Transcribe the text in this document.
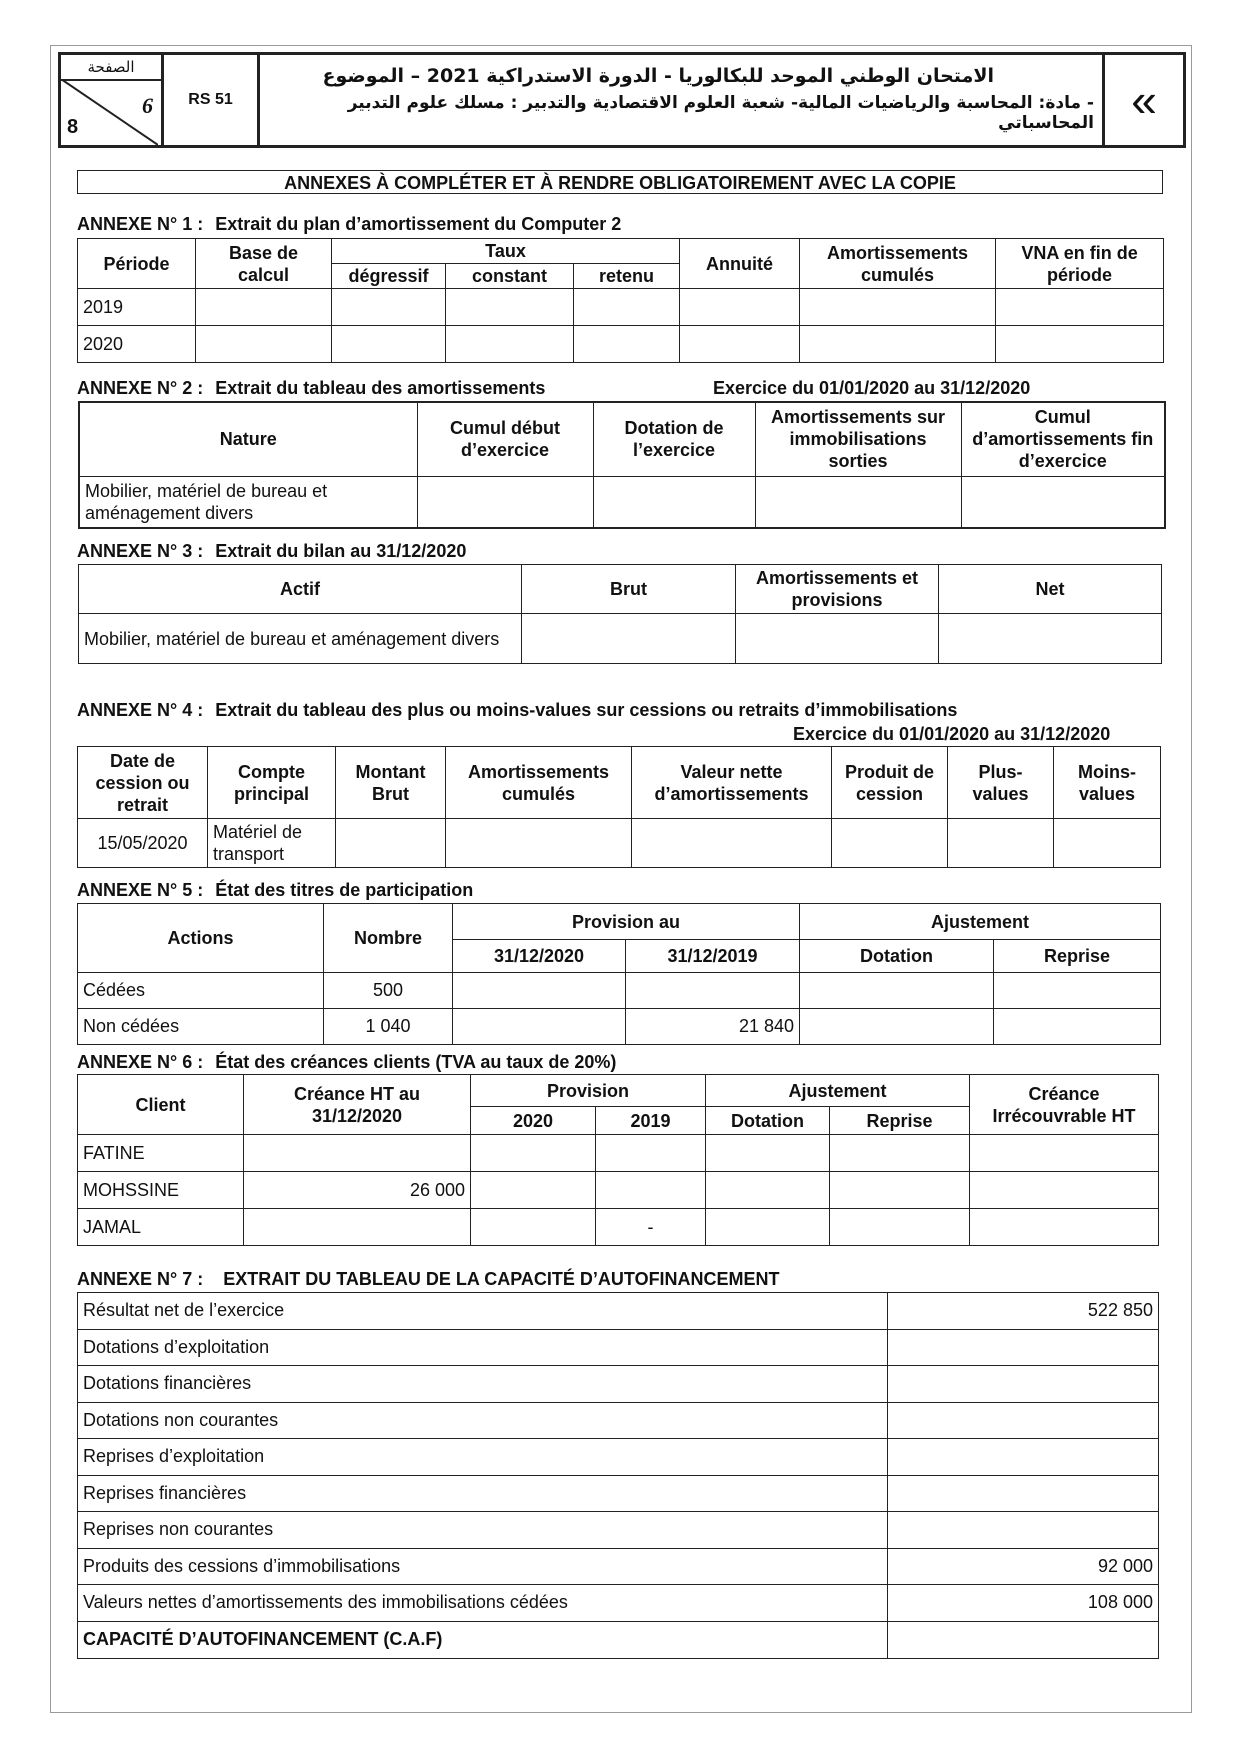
الصفحة
6
8
RS 51
الامتحان الوطني الموحد للبكالوريا - الدورة الاستدراكية 2021 – الموضوع
- مادة: المحاسبة والرياضيات المالية- شعبة العلوم الاقتصادية والتدبير : مسلك علوم التدبير المحاسباتي «
ANNEXES À COMPLÉTER ET À RENDRE OBLIGATOIREMENT AVEC LA COPIE
ANNEXE N° 1 : Extrait du plan d’amortissement du Computer 2
Période	Base de calcul	Taux			Annuité	Amortissements cumulés	VNA en fin de période
		dégressif	constant	retenu			
2019							
2020							
ANNEXE N° 2 : Extrait du tableau des amortissements	Exercice du 01/01/2020 au 31/12/2020
Nature	Cumul début d’exercice	Dotation de l’exercice	Amortissements sur immobilisations sorties	Cumul d’amortissements fin d’exercice
Mobilier, matériel de bureau et aménagement divers				
ANNEXE N° 3 : Extrait du bilan au 31/12/2020
Actif	Brut	Amortissements et provisions	Net
Mobilier, matériel de bureau et aménagement divers			
ANNEXE N° 4 : Extrait du tableau des plus ou moins-values sur cessions ou retraits d’immobilisations
Exercice du 01/01/2020 au 31/12/2020
Date de cession ou retrait	Compte principal	Montant Brut	Amortissements cumulés	Valeur nette d’amortissements	Produit de cession	Plus-values	Moins-values
15/05/2020	Matériel de transport						
ANNEXE N° 5 : État des titres de participation
Actions	Nombre	Provision au		Ajustement	
		31/12/2020	31/12/2019	Dotation	Reprise
Cédées	500				
Non cédées	1 040		21 840		
ANNEXE N° 6 : État des créances clients (TVA au taux de 20%)
Client	Créance HT au 31/12/2020	Provision		Ajustement		Créance Irrécouvrable HT
		2020	2019	Dotation	Reprise	
FATINE						
MOHSSINE	26 000					
JAMAL			-			
ANNEXE N° 7 : EXTRAIT DU TABLEAU DE LA CAPACITÉ D’AUTOFINANCEMENT
Résultat net de l’exercice	522 850
Dotations d’exploitation	
Dotations financières	
Dotations non courantes	
Reprises d’exploitation	
Reprises financières	
Reprises non courantes	
Produits des cessions d’immobilisations	92 000
Valeurs nettes d’amortissements des immobilisations cédées	108 000
CAPACITÉ D’AUTOFINANCEMENT (C.A.F)	
